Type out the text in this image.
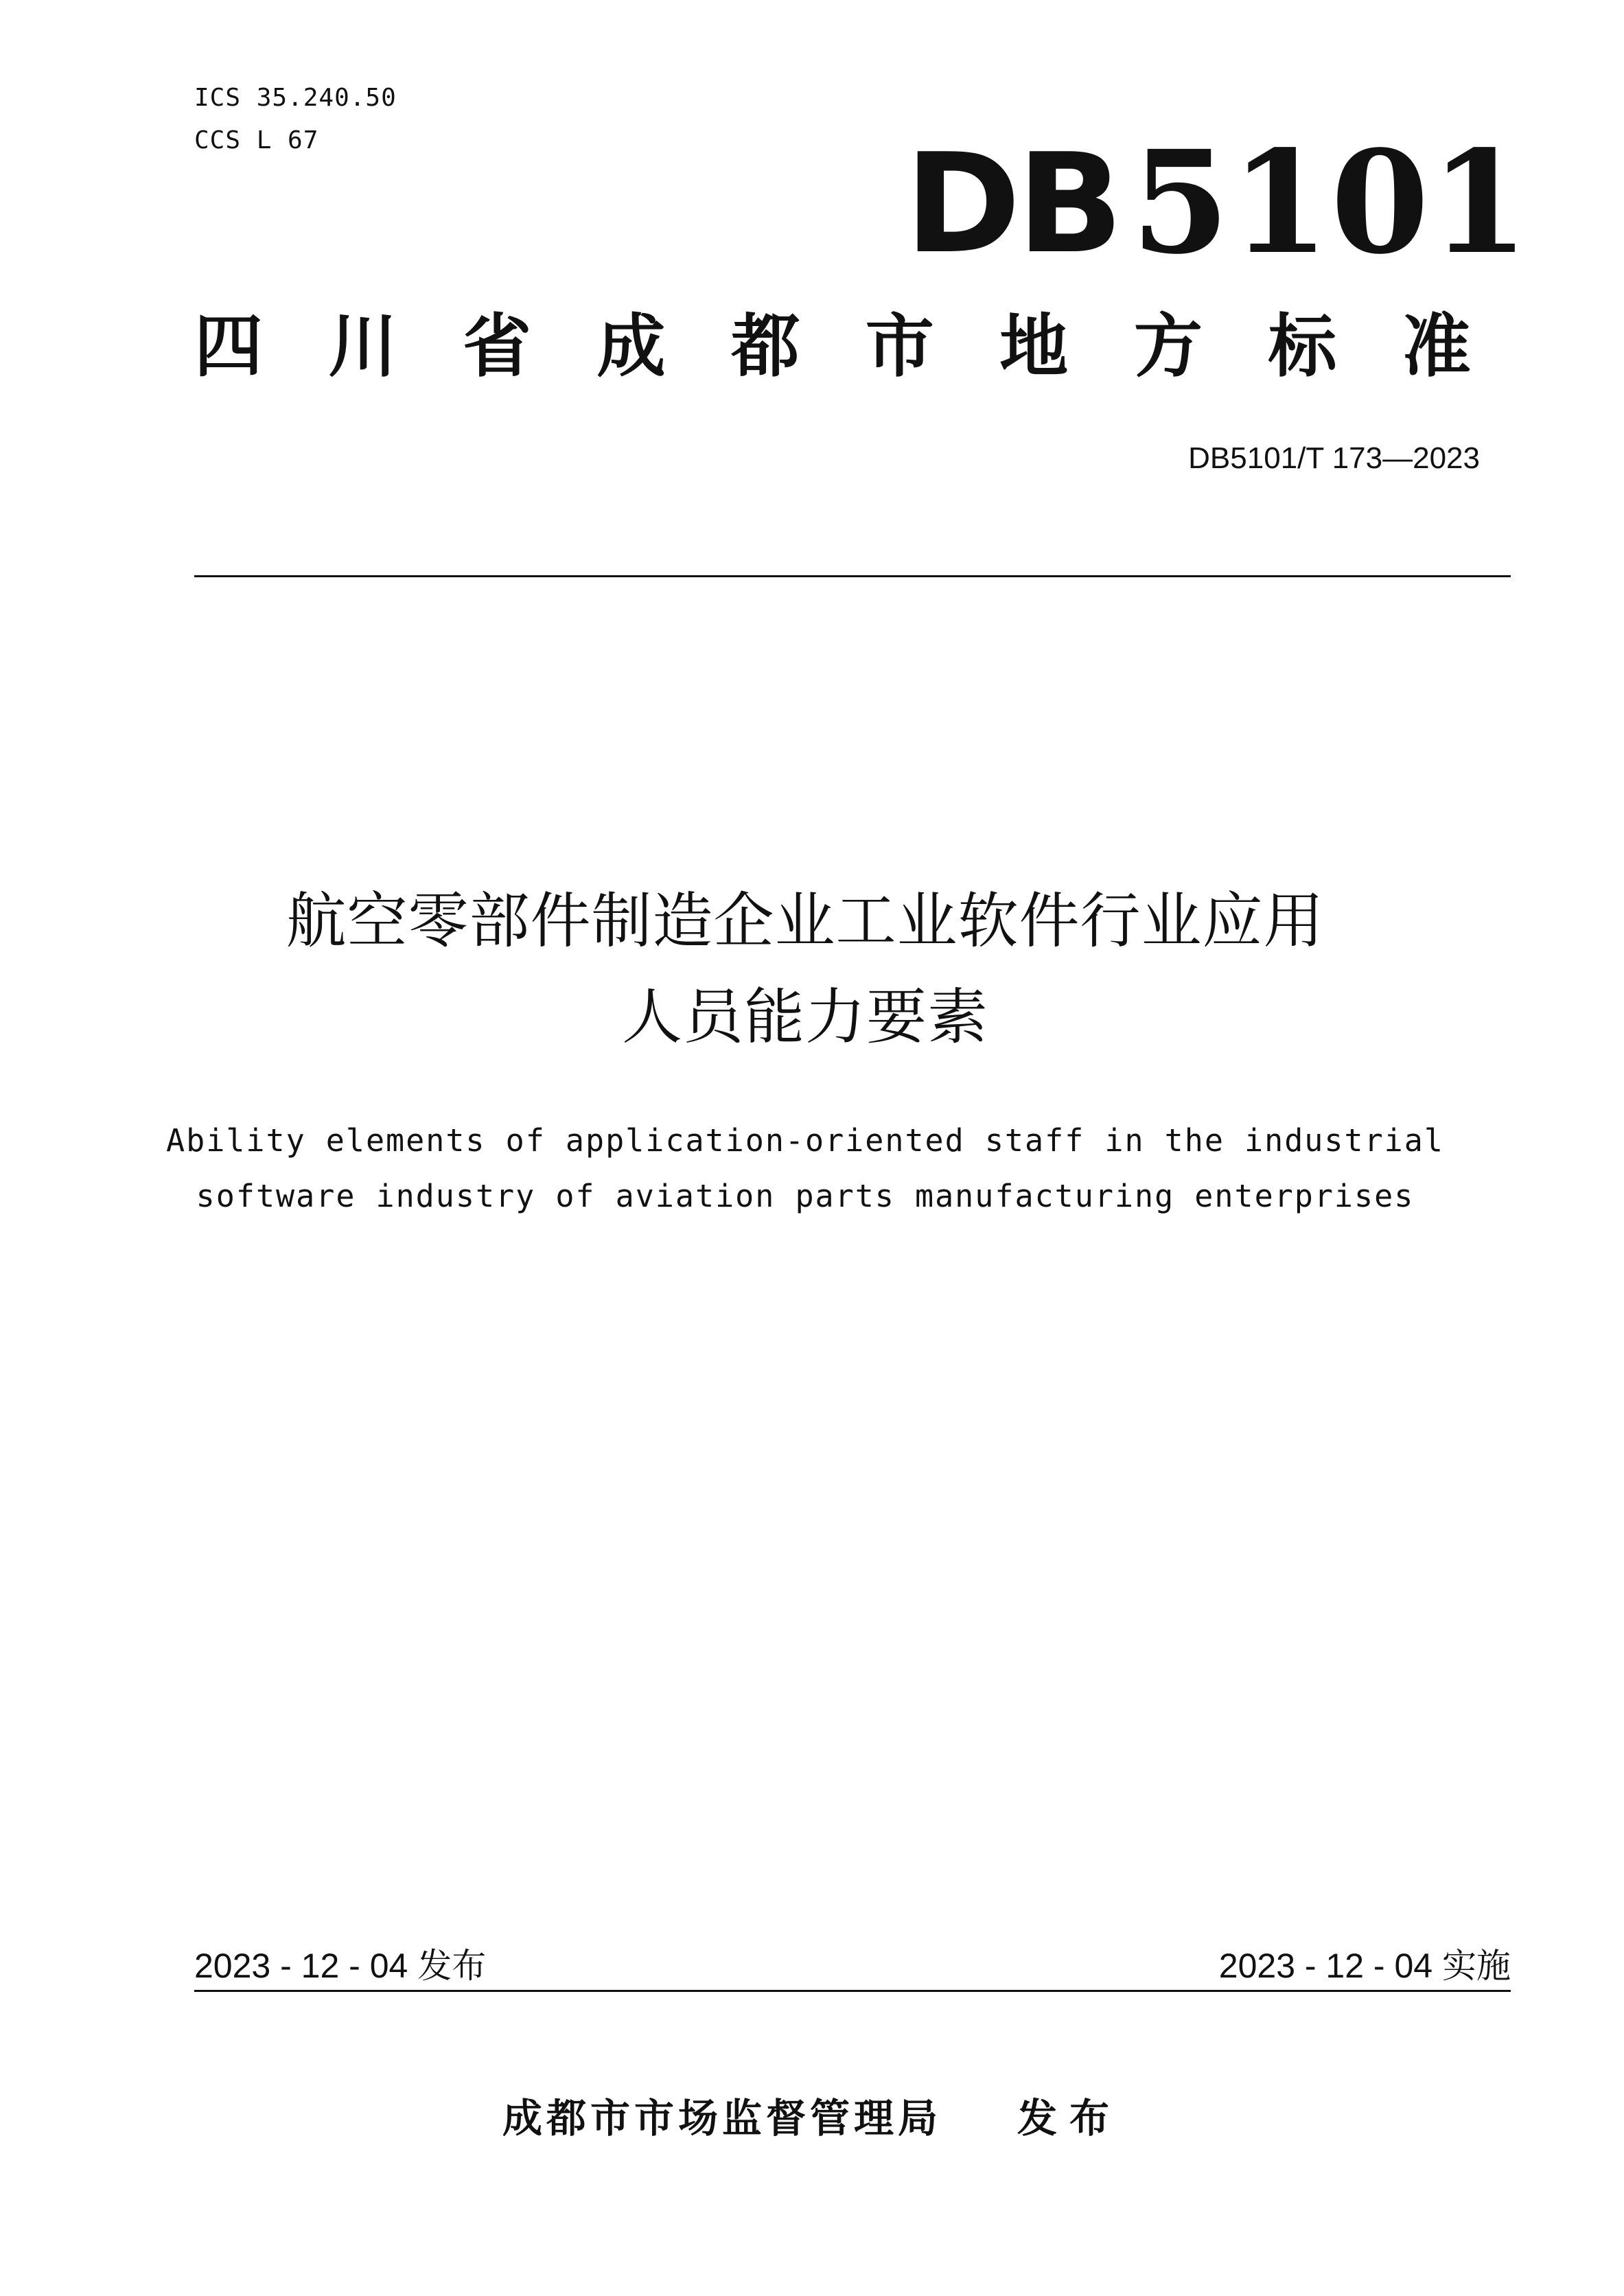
ICS 35.240.50
CCS L 67	DB 5101
四 川 省 成 都 市 地 方 标 准
DB5101/T 173—2023
航空零部件制造企业工业软件行业应用
人员能力要素
Ability elements of application-oriented staff in the industrial
software industry of aviation parts manufacturing enterprises
2023 - 12 - 04 发布	2023 - 12 - 04 实施
成都市市场监督管理局 发布
